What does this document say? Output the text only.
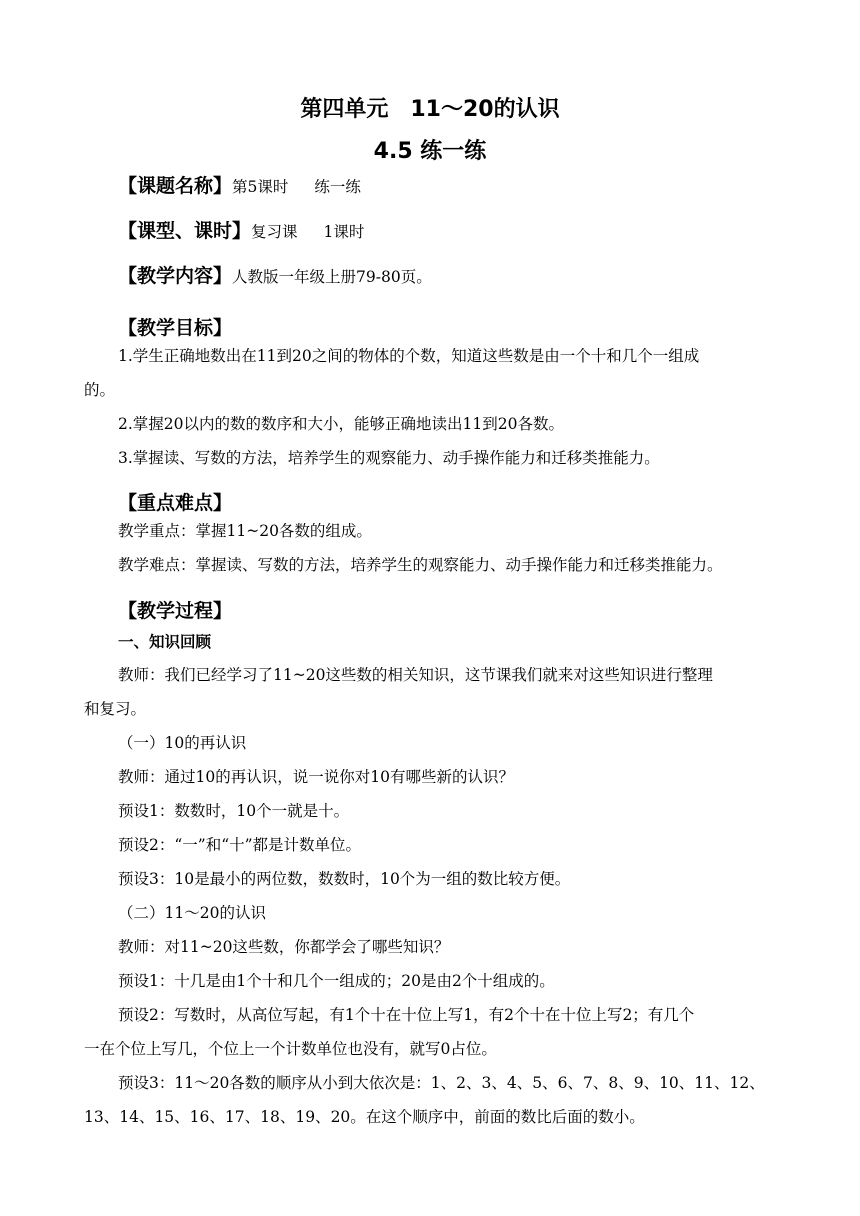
第四单元　11～20的认识
4.5 练一练
【课题名称】第5课时 练一练
【课型、课时】复习课 1课时
【教学内容】人教版一年级上册79-80页。
【教学目标】
1.学生正确地数出在11到20之间的物体的个数，知道这些数是由一个十和几个一组成
的。
2.掌握20以内的数的数序和大小，能够正确地读出11到20各数。
3.掌握读、写数的方法，培养学生的观察能力、动手操作能力和迁移类推能力。
【重点难点】
教学重点：掌握11~20各数的组成。
教学难点：掌握读、写数的方法，培养学生的观察能力、动手操作能力和迁移类推能力。
【教学过程】
一、知识回顾
教师：我们已经学习了11~20这些数的相关知识，这节课我们就来对这些知识进行整理
和复习。
（一）10的再认识
教师：通过10的再认识，说一说你对10有哪些新的认识？
预设1：数数时，10个一就是十。
预设2：“一”和“十”都是计数单位。
预设3：10是最小的两位数，数数时，10个为一组的数比较方便。
（二）11～20的认识
教师：对11~20这些数，你都学会了哪些知识？
预设1：十几是由1个十和几个一组成的；20是由2个十组成的。
预设2：写数时，从高位写起，有1个十在十位上写1，有2个十在十位上写2；有几个
一在个位上写几，个位上一个计数单位也没有，就写0占位。
预设3：11～20各数的顺序从小到大依次是：1、2、3、4、5、6、7、8、9、10、11、12、
13、14、15、16、17、18、19、20。在这个顺序中，前面的数比后面的数小。
